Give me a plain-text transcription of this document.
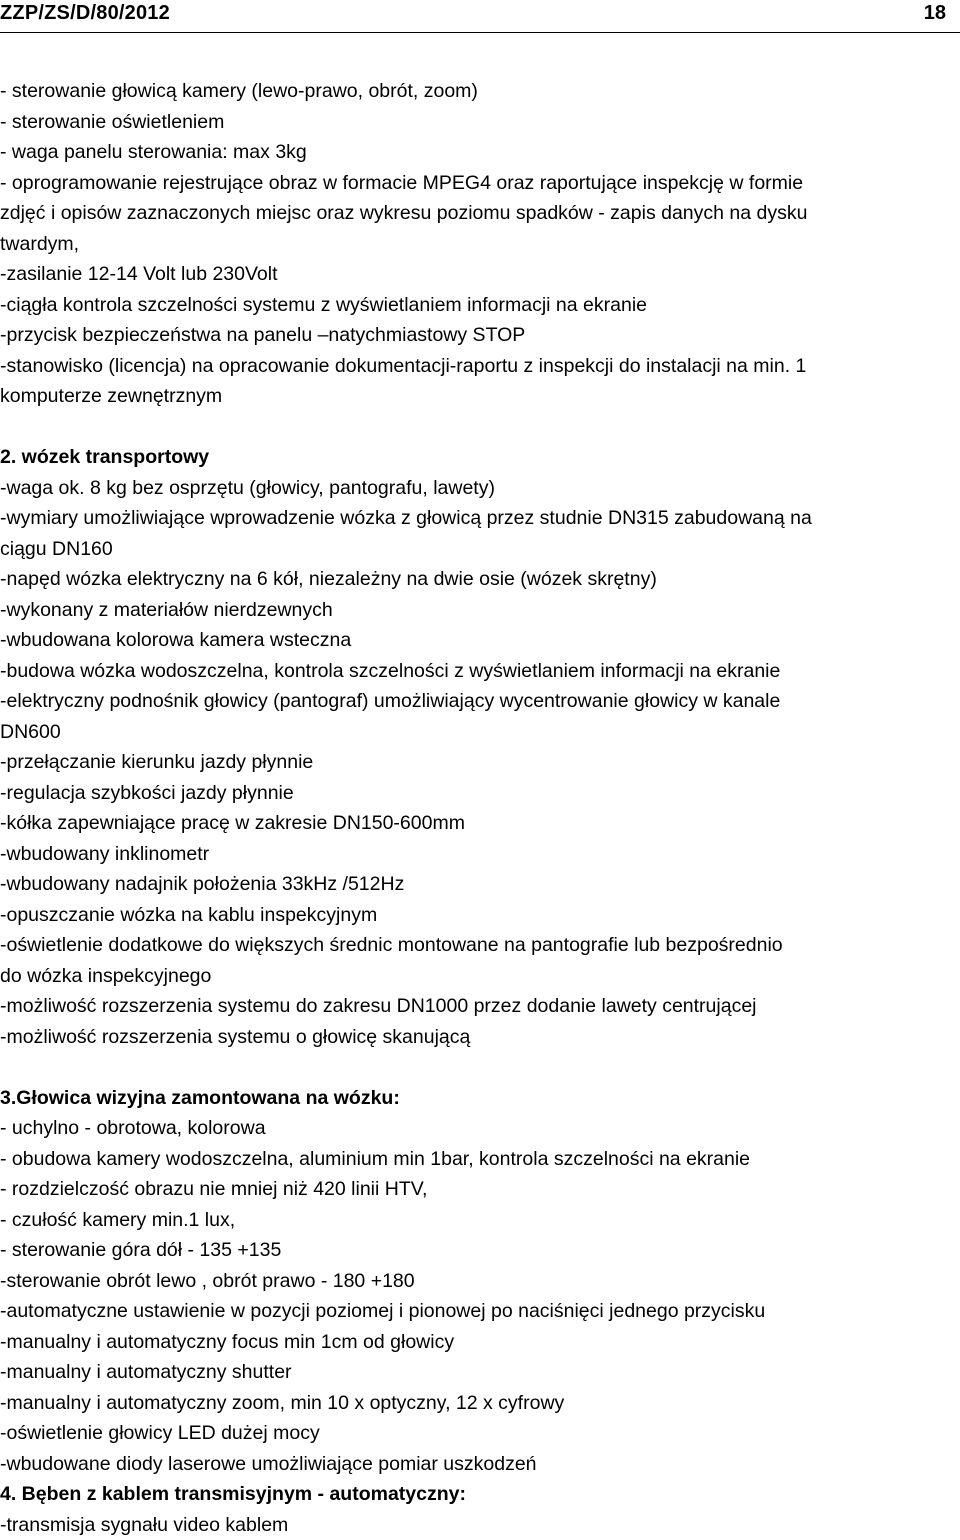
ZZP/ZS/D/80/2012	18
- sterowanie głowicą kamery (lewo-prawo, obrót, zoom)
- sterowanie oświetleniem
- waga panelu sterowania: max 3kg
- oprogramowanie rejestrujące obraz w formacie MPEG4 oraz raportujące inspekcję w formie
zdjęć i opisów zaznaczonych miejsc oraz wykresu poziomu spadków - zapis danych na dysku
twardym,
-zasilanie 12-14 Volt lub 230Volt
-ciągła kontrola szczelności systemu z wyświetlaniem informacji na ekranie
-przycisk bezpieczeństwa na panelu –natychmiastowy STOP
-stanowisko (licencja) na opracowanie dokumentacji-raportu z inspekcji do instalacji na min. 1
komputerze zewnętrznym
2. wózek transportowy
-waga ok. 8 kg bez osprzętu (głowicy, pantografu, lawety)
-wymiary umożliwiające wprowadzenie wózka z głowicą przez studnie DN315 zabudowaną na
ciągu DN160
-napęd wózka elektryczny na 6 kół, niezależny na dwie osie (wózek skrętny)
-wykonany z materiałów nierdzewnych
-wbudowana kolorowa kamera wsteczna
-budowa wózka wodoszczelna, kontrola szczelności z wyświetlaniem informacji na ekranie
-elektryczny podnośnik głowicy (pantograf) umożliwiający wycentrowanie głowicy w kanale
DN600
-przełączanie kierunku jazdy płynnie
-regulacja szybkości jazdy płynnie
-kółka zapewniające pracę w zakresie DN150-600mm
-wbudowany inklinometr
-wbudowany nadajnik położenia 33kHz /512Hz
-opuszczanie wózka na kablu inspekcyjnym
-oświetlenie dodatkowe do większych średnic montowane na pantografie lub bezpośrednio
do wózka inspekcyjnego
-możliwość rozszerzenia systemu do zakresu DN1000 przez dodanie lawety centrującej
-możliwość rozszerzenia systemu o głowicę skanującą
3.Głowica wizyjna zamontowana na wózku:
- uchylno - obrotowa, kolorowa
- obudowa kamery wodoszczelna, aluminium min 1bar, kontrola szczelności na ekranie
- rozdzielczość obrazu nie mniej niż 420 linii HTV,
- czułość kamery min.1 lux,
- sterowanie góra dół - 135 +135
-sterowanie obrót lewo , obrót prawo - 180 +180
-automatyczne ustawienie w pozycji poziomej i pionowej po naciśnięci jednego przycisku
-manualny i automatyczny focus min 1cm od głowicy
-manualny i automatyczny shutter
-manualny i automatyczny zoom, min 10 x optyczny, 12 x cyfrowy
-oświetlenie głowicy LED dużej mocy
-wbudowane diody laserowe umożliwiające pomiar uszkodzeń
4. Bęben z kablem transmisyjnym - automatyczny:
-transmisja sygnału video kablem
